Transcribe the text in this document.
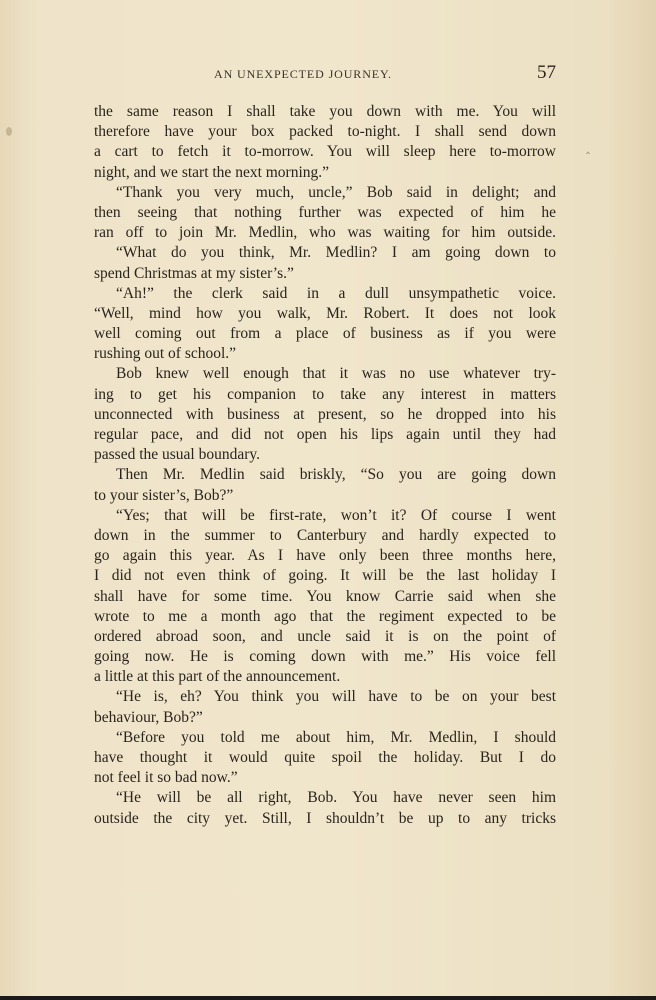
AN UNEXPECTED JOURNEY.	57
‸
the same reason I shall take you down with me. You will
therefore have your box packed to-night. I shall send down
a cart to fetch it to-morrow. You will sleep here to-morrow
night, and we start the next morning.”
“Thank you very much, uncle,” Bob said in delight; and
then seeing that nothing further was expected of him he
ran off to join Mr. Medlin, who was waiting for him outside.
“What do you think, Mr. Medlin? I am going down to
spend Christmas at my sister’s.”
“Ah!” the clerk said in a dull unsympathetic voice.
“Well, mind how you walk, Mr. Robert. It does not look
well coming out from a place of business as if you were
rushing out of school.”
Bob knew well enough that it was no use whatever try-
ing to get his companion to take any interest in matters
unconnected with business at present, so he dropped into his
regular pace, and did not open his lips again until they had
passed the usual boundary.
Then Mr. Medlin said briskly, “So you are going down
to your sister’s, Bob?”
“Yes; that will be first-rate, won’t it? Of course I went
down in the summer to Canterbury and hardly expected to
go again this year. As I have only been three months here,
I did not even think of going. It will be the last holiday I
shall have for some time. You know Carrie said when she
wrote to me a month ago that the regiment expected to be
ordered abroad soon, and uncle said it is on the point of
going now. He is coming down with me.” His voice fell
a little at this part of the announcement.
“He is, eh? You think you will have to be on your best
behaviour, Bob?”
“Before you told me about him, Mr. Medlin, I should
have thought it would quite spoil the holiday. But I do
not feel it so bad now.”
“He will be all right, Bob. You have never seen him
outside the city yet. Still, I shouldn’t be up to any tricks
